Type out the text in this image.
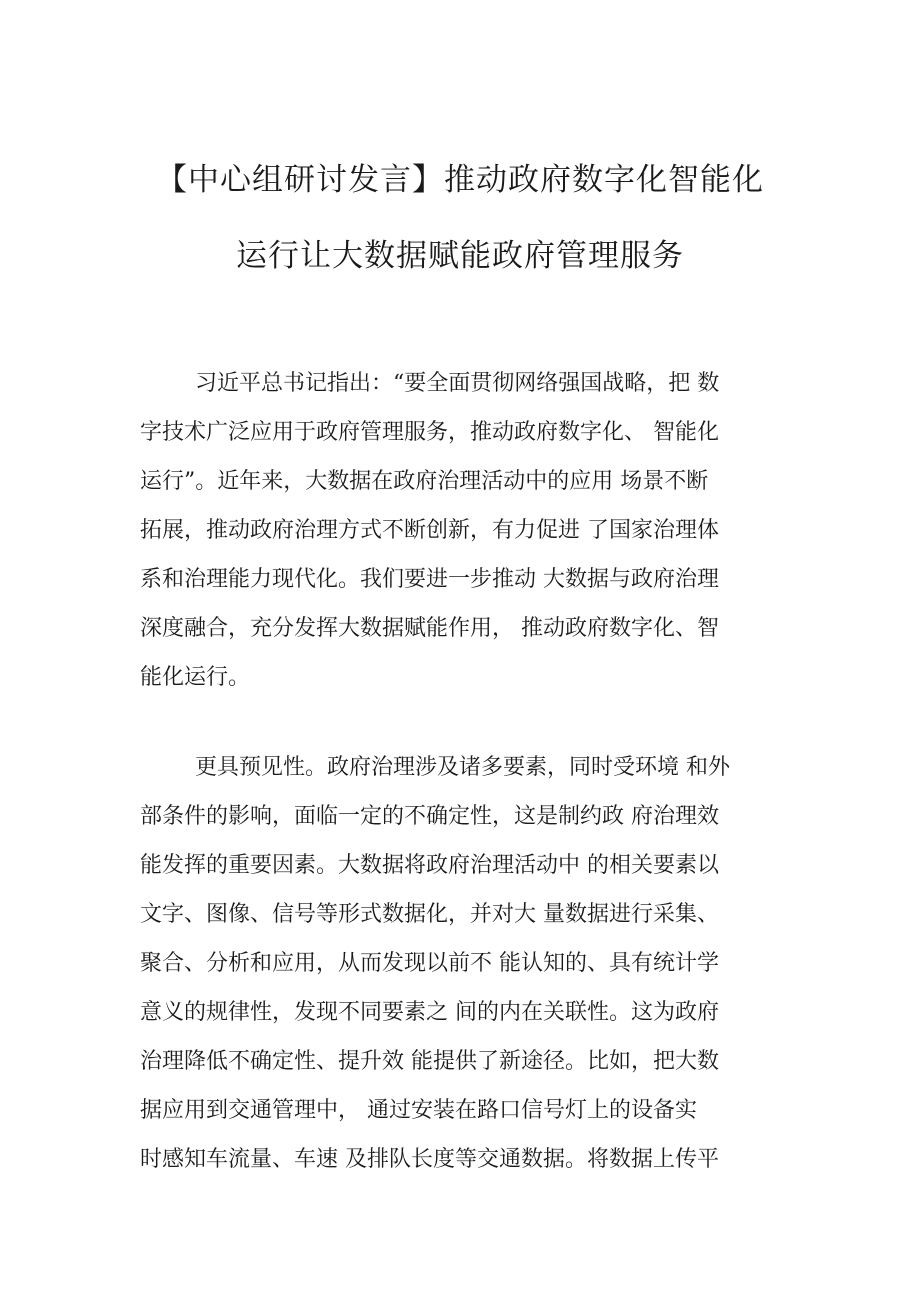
【中心组研讨发言】推动政府数字化智能化
运行让大数据赋能政府管理服务
习近平总书记指出：“要全面贯彻网络强国战略，把 数
字技术广泛应用于政府管理服务，推动政府数字化、 智能化
运行”。近年来，大数据在政府治理活动中的应用 场景不断
拓展，推动政府治理方式不断创新，有力促进 了国家治理体
系和治理能力现代化。我们要进一步推动 大数据与政府治理
深度融合，充分发挥大数据赋能作用， 推动政府数字化、智
能化运行。
更具预见性。政府治理涉及诸多要素，同时受环境 和外
部条件的影响，面临一定的不确定性，这是制约政 府治理效
能发挥的重要因素。大数据将政府治理活动中 的相关要素以
文字、图像、信号等形式数据化，并对大 量数据进行采集、
聚合、分析和应用，从而发现以前不 能认知的、具有统计学
意义的规律性，发现不同要素之 间的内在关联性。这为政府
治理降低不确定性、提升效 能提供了新途径。比如，把大数
据应用到交通管理中， 通过安装在路口信号灯上的设备实
时感知车流量、车速 及排队长度等交通数据。将数据上传平
